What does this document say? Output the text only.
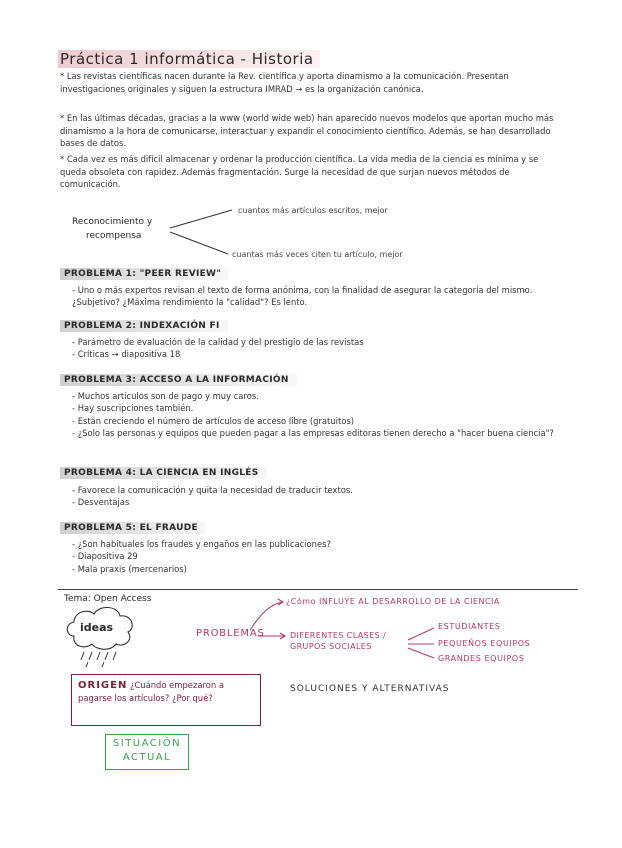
Práctica 1 informática - Historia
* Las revistas científicas nacen durante la Rev. científica y aporta dinamismo a la comunicación. Presentan investigaciones originales y siguen la estructura IMRAD → es la organización canónica.
* En las últimas décadas, gracias a la www (world wide web) han aparecido nuevos modelos que aportan mucho más dinamismo a la hora de comunicarse, interactuar y expandir el conocimiento científico. Además, se han desarrollado bases de datos.
* Cada vez es más difícil almacenar y ordenar la producción científica. La vida media de la ciencia es mínima y se queda obsoleta con rapidez. Además fragmentación. Surge la necesidad de que surjan nuevos métodos de comunicación.
Reconocimiento y
recompensa
cuantos más artículos escritos, mejor
cuantas más veces citen tu artículo, mejor
PROBLEMA 1: "PEER REVIEW"
- Uno o más expertos revisan el texto de forma anónima, con la finalidad de asegurar la categoría del mismo. ¿Subjetivo? ¿Máxima rendimiento la "calidad"? Es lento.
PROBLEMA 2: INDEXACIÓN FI
- Parámetro de evaluación de la calidad y del prestigio de las revistas
- Críticas → diapositiva 18
PROBLEMA 3: ACCESO A LA INFORMACIÓN
- Muchos artículos son de pago y muy caros.
- Hay suscripciones también.
- Están creciendo el número de artículos de acceso libre (gratuitos)
- ¿Solo las personas y equipos que pueden pagar a las empresas editoras tienen derecho a "hacer buena ciencia"?
PROBLEMA 4: LA CIENCIA EN INGLÉS
- Favorece la comunicación y quita la necesidad de traducir textos.
- Desventajas
PROBLEMA 5: EL FRAUDE
- ¿Son habituales los fraudes y engaños en las publicaciones?
- Diapositiva 29
- Mala praxis (mercenarios)
Tema: Open Access
ideas	PROBLEMAS
¿Cómo INFLUYE AL DESARROLLO DE LA CIENCIA
DIFERENTES CLASES / GRUPOS SOCIALES
ESTUDIANTES
PEQUEÑOS EQUIPOS
GRANDES EQUIPOS
SOLUCIONES Y ALTERNATIVAS
ORIGEN ¿Cuándo empezaron a pagarse los artículos? ¿Por qué?
SITUACIÓN
ACTUAL
